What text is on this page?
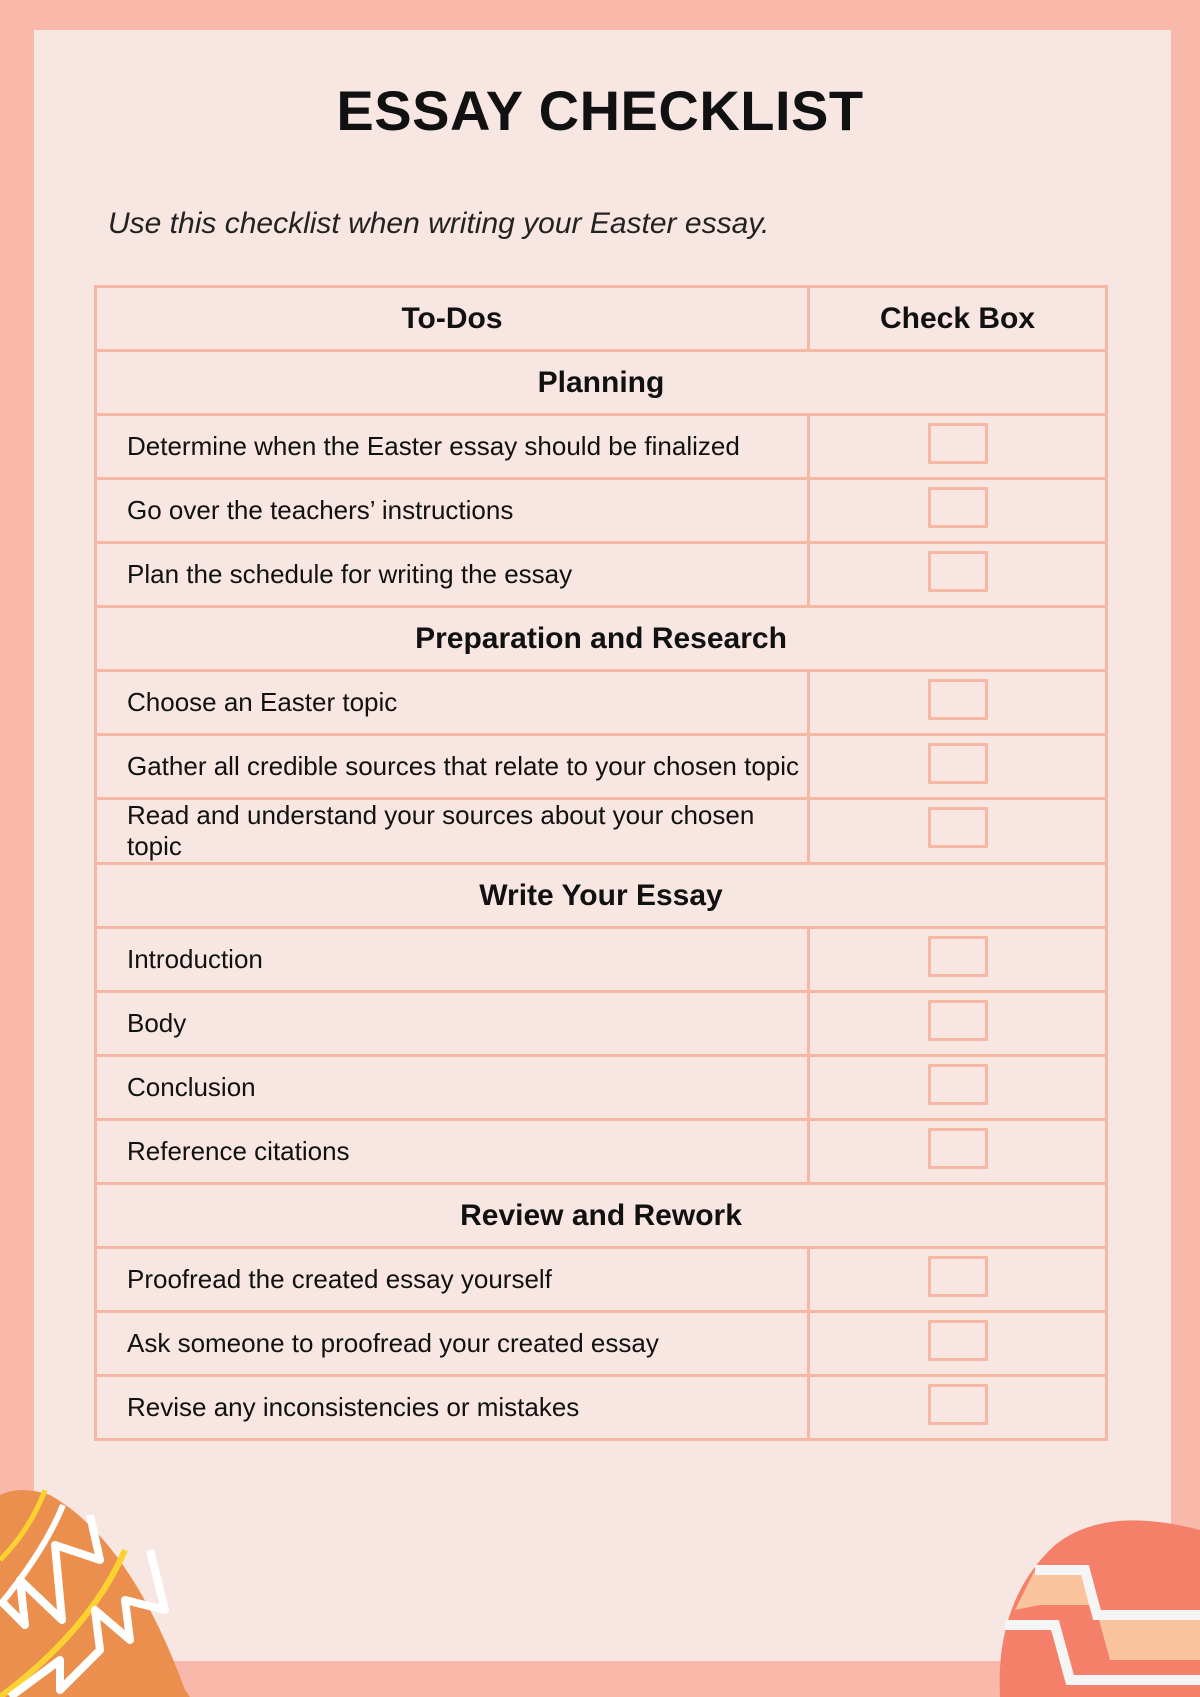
ESSAY CHECKLIST
Use this checklist when writing your Easter essay.
To-Dos	Check Box
Planning	
Determine when the Easter essay should be finalized	
Go over the teachers’ instructions	
Plan the schedule for writing the essay	
Preparation and Research	
Choose an Easter topic	
Gather all credible sources that relate to your chosen topic	
Read and understand your sources about your chosen topic	
Write Your Essay	
Introduction	
Body	
Conclusion	
Reference citations	
Review and Rework	
Proofread the created essay yourself	
Ask someone to proofread your created essay	
Revise any inconsistencies or mistakes	
